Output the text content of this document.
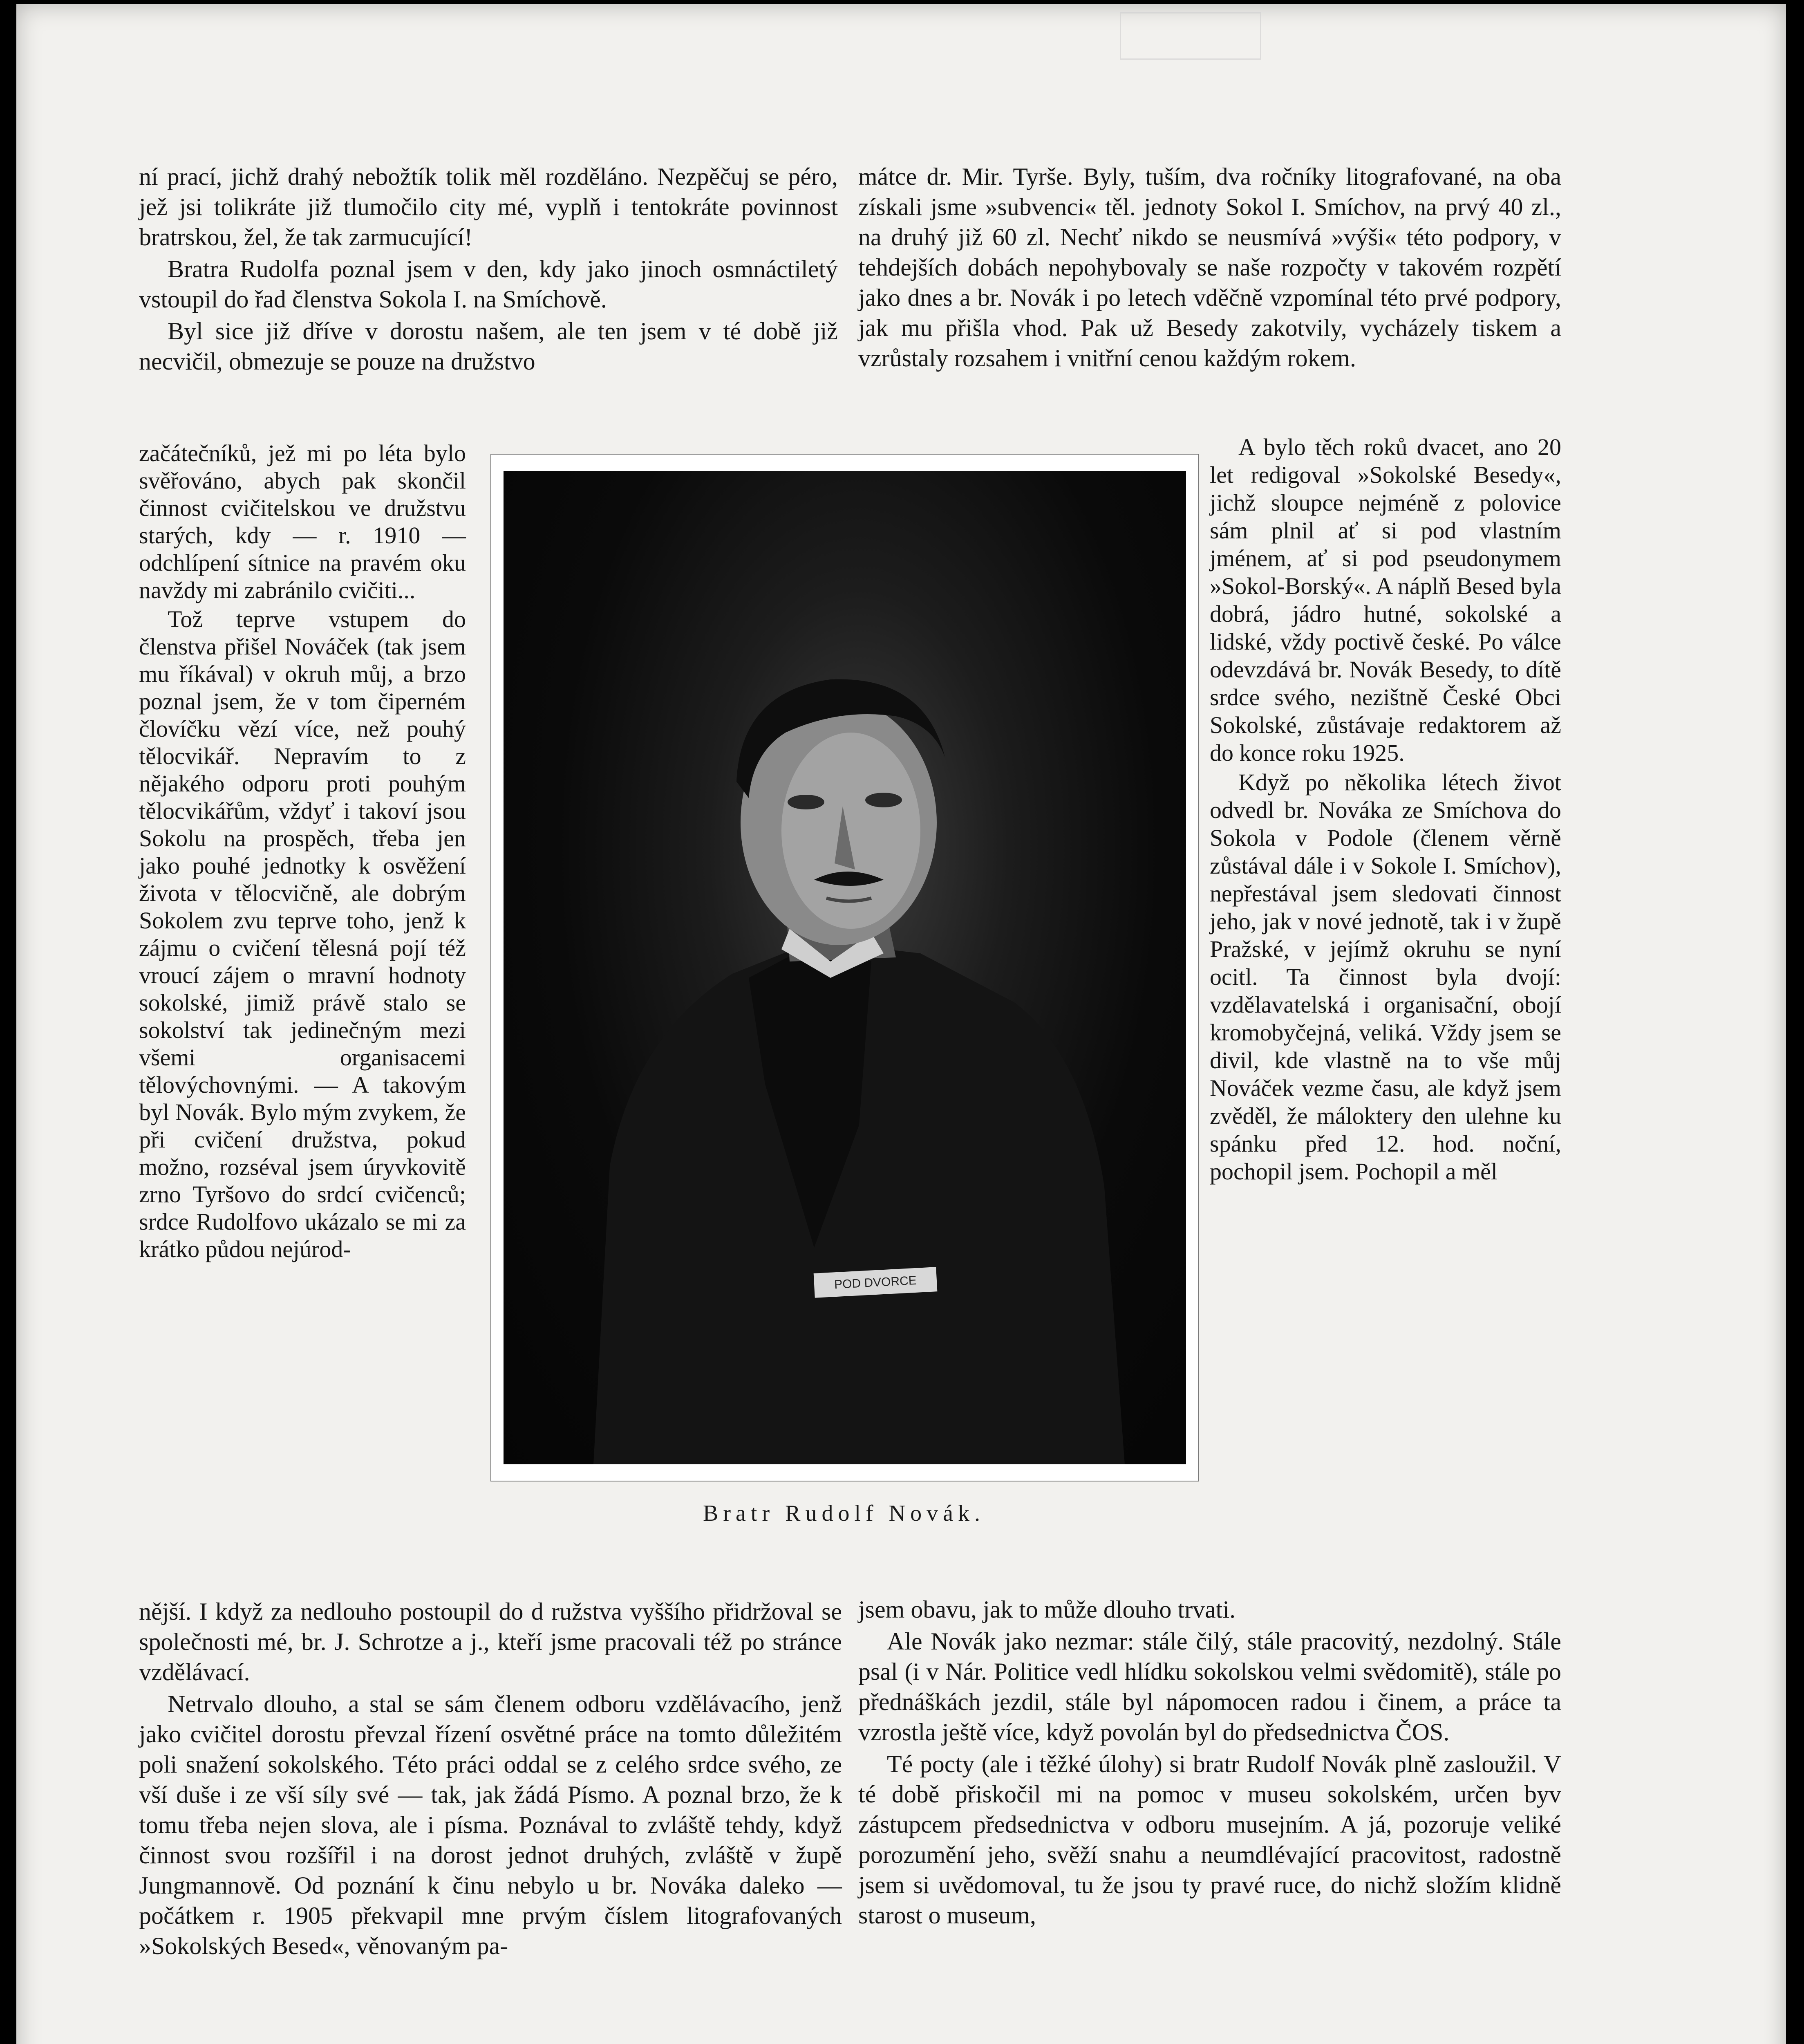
ní prací, jichž drahý nebožtík tolik měl rozděláno. Nezpěčuj se péro, jež jsi tolikráte již tlumočilo city mé, vyplň i tentokráte povinnost bratrskou, žel, že tak zarmucující!

Bratra Rudolfa poznal jsem v den, kdy jako jinoch osmnáctiletý vstoupil do řad členstva Sokola I. na Smíchově.

Byl sice již dříve v dorostu našem, ale ten jsem v té době již necvičil, obmezuje se pouze na družstvo

začátečníků, jež mi po léta bylo svěřováno, abych pak skončil činnost cvičitelskou ve družstvu starých, kdy — r. 1910 — odchlípení sítnice na pravém oku navždy mi zabránilo cvičiti...

Tož teprve vstupem do členstva přišel Nováček (tak jsem mu říkával) v okruh můj, a brzo poznal jsem, že v tom čiperném človíčku vězí více, než pouhý tělocvikář. Nepravím to z nějakého odporu proti pouhým tělocvikářům, vždyť i takoví jsou Sokolu na prospěch, třeba jen jako pouhé jednotky k osvěžení života v tělocvičně, ale dobrým Sokolem zvu teprve toho, jenž k zájmu o cvičení tělesná pojí též vroucí zájem o mravní hodnoty sokolské, jimiž právě stalo se sokolství tak jedinečným mezi všemi organisacemi tělovýchovnými. — A takovým byl Novák. Bylo mým zvykem, že při cvičení družstva, pokud možno, rozséval jsem úryvkovitě zrno Tyršovo do srdcí cvičenců; srdce Rudolfovo ukázalo se mi za krátko půdou nejúrod-

nější. I když za nedlouho postoupil do d ružstva vyššího přidržoval se společnosti mé, br. J. Schrotze a j., kteří jsme pracovali též po stránce vzdělávací.

Netrvalo dlouho, a stal se sám členem odboru vzdělávacího, jenž jako cvičitel dorostu převzal řízení osvětné práce na tomto důležitém poli snažení sokolského. Této práci oddal se z celého srdce svého, ze vší duše i ze vší síly své — tak, jak žádá Písmo. A poznal brzo, že k tomu třeba nejen slova, ale i písma. Poznával to zvláště tehdy, když činnost svou rozšířil i na dorost jednot druhých, zvláště v župě Jungmannově. Od poznání k činu nebylo u br. Nováka daleko — počátkem r. 1905 překvapil mne prvým číslem litografovaných »Sokolských Besed«, věnovaným pa-

mátce dr. Mir. Tyrše. Byly, tuším, dva ročníky litografované, na oba získali jsme »subvenci« těl. jednoty Sokol I. Smíchov, na prvý 40 zl., na druhý již 60 zl. Nechť nikdo se neusmívá »výši« této podpory, v tehdejších dobách nepohybovaly se naše rozpočty v takovém rozpětí jako dnes a br. Novák i po letech vděčně vzpomínal této prvé podpory, jak mu přišla vhod. Pak už Besedy zakotvily, vycházely tiskem a vzrůstaly rozsahem i vnitřní cenou každým rokem.

A bylo těch roků dvacet, ano 20 let redigoval »Sokolské Besedy«, jichž sloupce nejméně z polovice sám plnil ať si pod vlastním jménem, ať si pod pseudonymem »Sokol-Borský«. A náplň Besed byla dobrá, jádro hutné, sokolské a lidské, vždy poctivě české. Po válce odevzdává br. Novák Besedy, to dítě srdce svého, nezištně České Obci Sokolské, zůstávaje redaktorem až do konce roku 1925.

Když po několika létech život odvedl br. Nováka ze Smíchova do Sokola v Podole (členem věrně zůstával dále i v Sokole I. Smíchov), nepřestával jsem sledovati činnost jeho, jak v nové jednotě, tak i v župě Pražské, v jejímž okruhu se nyní ocitl. Ta činnost byla dvojí: vzdělavatelská i organisační, obojí kromobyčejná, veliká. Vždy jsem se divil, kde vlastně na to vše můj Nováček vezme času, ale když jsem zvěděl, že máloktery den ulehne ku spánku před 12. hod. noční, pochopil jsem. Pochopil a měl

jsem obavu, jak to může dlouho trvati.

Ale Novák jako nezmar: stále čilý, stále pracovitý, nezdolný. Stále psal (i v Nár. Politice vedl hlídku sokolskou velmi svědomitě), stále po přednáškách jezdil, stále byl nápomocen radou i činem, a práce ta vzrostla ještě více, když povolán byl do předsednictva ČOS.

Té pocty (ale i těžké úlohy) si bratr Rudolf Novák plně zasloužil. V té době přiskočil mi na pomoc v museu sokolském, určen byv zástupcem předsednictva v odboru musejním. A já, pozoruje veliké porozumění jeho, svěží snahu a neumdlévající pracovitost, radostně jsem si uvědomoval, tu že jsou ty pravé ruce, do nichž složím klidně starost o museum,

POD DVORCE
Bratr Rudolf Novák.
